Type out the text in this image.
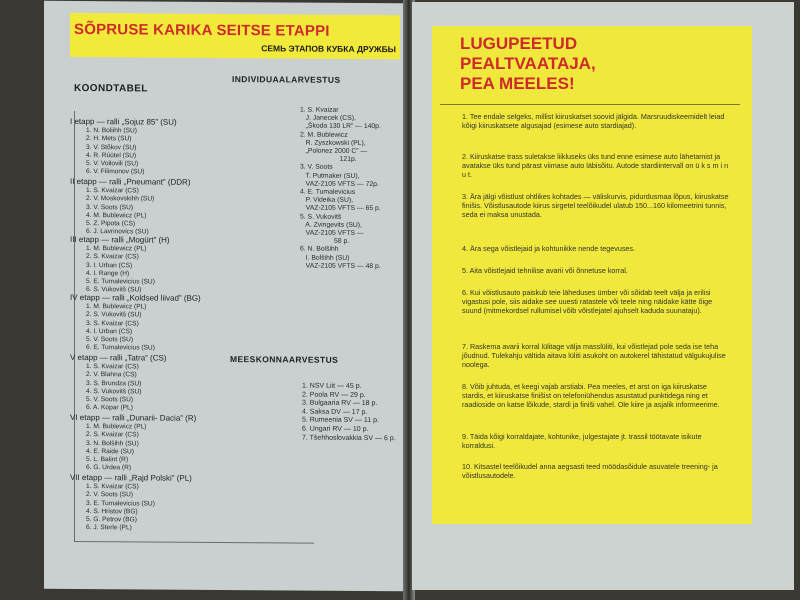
SÕPRUSE KARIKA SEITSE ETAPPI
СЕМЬ ЭТАПОВ КУБКА ДРУЖБЫ
KOONDTABEL
INDIVIDUAALARVESTUS
I etapp — ralli „Sojuz 85” (SU)
1. N. Boliihh (SU)
2. H. Mets (SU)
3. V. Stõkov (SU)
4. R. Rüütel (SU)
5. V. Voilovili (SU)
6. V. Filimonov (SU)
II etapp — ralli „Pneumant” (DDR)
1. S. Kvaizar (CS)
2. V. Moskovskihh (SU)
3. V. Soots (SU)
4. M. Bublewicz (PL)
5. Z. Pipota (CS)
6. J. Lavrinovics (SU)
III etapp — ralli „Mogürt” (H)
1. M. Bublewicz (PL)
2. S. Kvaizar (CS)
3. I. Urban (CS)
4. I. Range (H)
5. E. Tumalevicius (SU)
6. S. Vukovitš (SU)
IV etapp — ralli „Koldsed liivad” (BG)
1. M. Bublewicz (PL)
2. S. Vukovitš (SU)
3. S. Kvaizar (CS)
4. I. Urban (CS)
5. V. Soots (SU)
6. E. Tumalevicius (SU)
V etapp — ralli „Tatra” (CS)
1. S. Kvaizar (CS)
2. V. Blahna (CS)
3. S. Brundza (SU)
4. S. Vukovitš (SU)
5. V. Soots (SU)
6. A. Kopar (PL)
VI etapp — ralli „Dunarii- Dacia” (R)
1. M. Bublewicz (PL)
2. S. Kvaizar (CS)
3. N. Bolšihh (SU)
4. E. Raide (SU)
5. L. Balint (R)
6. G. Urdea (R)
VII etapp — ralli „Rajd Polski” (PL)
1. S. Kvaizar (CS)
2. V. Soots (SU)
3. E. Tumalevicius (SU)
4. S. Hristov (BG)
5. G. Petrov (BG)
6. J. Sterle (PL)
1. S. Kvaizar
J. Janecek (CS),
„Škoda 130 LR” — 140p.
2. M. Bublewicz
R. Zyszkowski (PL),
„Polonez 2000 C” —
121p.
3. V. Soots
T. Putmaker (SU),
VAZ-2105 VFTS — 72p.
4. E. Tumalevicius
P. Videika (SU),
VAZ-2105 VFTS — 65 p.
5. S. Vukovitš
A. Zvingevits (SU),
VAZ-2105 VFTS —
58 p.
6. N. Bolšihh
I. Bolšihh (SU)
VAZ-2105 VFTS — 48 p.
MEESKONNAARVESTUS
1. NSV Liit — 45 p.
2. Poola RV — 29 p.
3. Bulgaaria RV — 18 p.
4. Saksa DV — 17 p.
5. Rumeenia SV — 11 p.
6. Ungari RV — 10 p.
7. Tšehhoslovakkia SV — 6 p.
LUGUPEETUD
PEALTVAATAJA,
PEA MEELES!
1. Tee endale selgeks, millist kiiruskatset soovid jälgida. Marsruudiskeemidelt leiad kõigi kiiruskatsete algusajad (esimese auto stardiajad).
2. Kiiruskatse trass suletakse liikluseks üks tund enne esimese auto lähetamist ja avatakse üks tund pärast viimase auto läbisõitu. Autode stardiintervall on ü k s m i n u t.
3. Ära jälgi võistlust ohtlikes kohtades — väliskurvis, pidurdusmaa lõpus, kiiruskatse finišis. Võistlusautode kiirus sirgetel teelõikudel ulatub 150...160 kilomeetrini tunnis, seda ei maksa unustada.
4. Ära sega võistlejaid ja kohtunikke nende tegevuses.
5. Aita võistlejaid tehnilise avarii või õnnetuse korral.
6. Kui võistlusauto paiskub teie läheduses ümber või sõidab teelt välja ja erilisi vigastusi pole, siis aidake see uuesti ratastele või teele ning näidake kätte õige suund (mitmekordsel rullumisel võib võistlejatel ajuhselt kaduda suunataju).
7. Raskema avarii korral lülitage välja masslüliti, kui võistlejad pole seda ise teha jõudnud. Tulekahju vältida aitava lüliti asukoht on autokerel tähistatud välgukujulise noolega.
8. Võib juhtuda, et keegi vajab arstiabi. Pea meeles, et arst on iga kiiruskatse stardis, et kiiruskatse finišist on telefoniühendus asustatud punktidega ning et raadioside on katse lõikude, stardi ja finiši vahel. Ole kiire ja asjalik informeerime.
9. Täida kõigi korraldajate, kohtunike, julgestajate jt. trassil töötavate isikute korraldusi.
10. Kitsastel teelõikudel anna aegsasti teed möödasõidule asuvatele treening- ja võistlusautodele.
